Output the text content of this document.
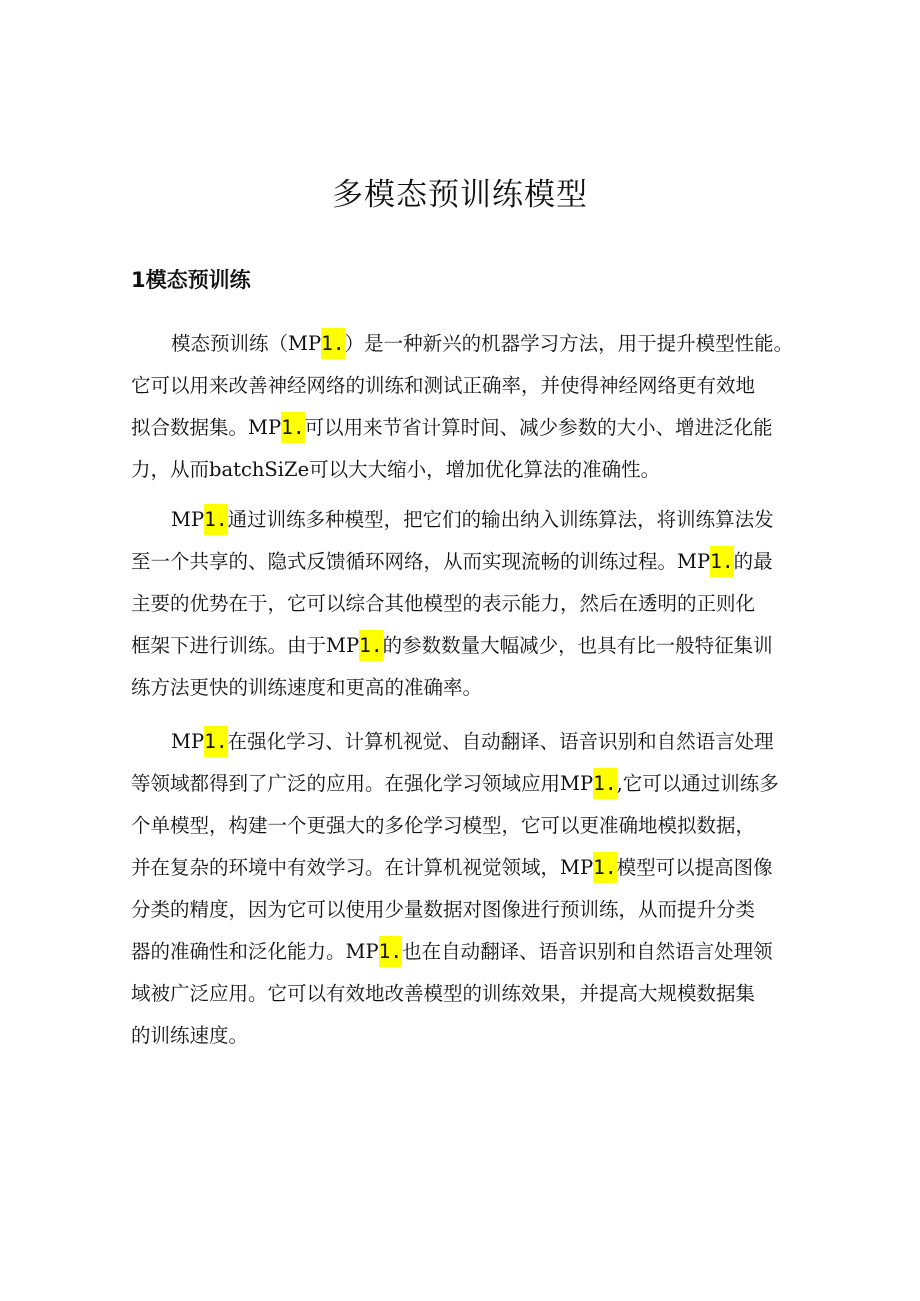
多模态预训练模型
1模态预训练
模态预训练（MP1.）是一种新兴的机器学习方法，用于提升模型性能。
它可以用来改善神经网络的训练和测试正确率，并使得神经网络更有效地
拟合数据集。MP1.可以用来节省计算时间、减少参数的大小、增进泛化能
力，从而batchSiZe可以大大缩小，增加优化算法的准确性。
MP1.通过训练多种模型，把它们的输出纳入训练算法，将训练算法发
至一个共享的、隐式反馈循环网络，从而实现流畅的训练过程。MP1.的最
主要的优势在于，它可以综合其他模型的表示能力，然后在透明的正则化
框架下进行训练。由于MP1.的参数数量大幅减少，也具有比一般特征集训
练方法更快的训练速度和更高的准确率。
MP1.在强化学习、计算机视觉、自动翻译、语音识别和自然语言处理
等领域都得到了广泛的应用。在强化学习领域应用MP1.,它可以通过训练多
个单模型，构建一个更强大的多伦学习模型，它可以更准确地模拟数据，
并在复杂的环境中有效学习。在计算机视觉领域，MP1.模型可以提高图像
分类的精度，因为它可以使用少量数据对图像进行预训练，从而提升分类
器的准确性和泛化能力。MP1.也在自动翻译、语音识别和自然语言处理领
域被广泛应用。它可以有效地改善模型的训练效果，并提高大规模数据集
的训练速度。
